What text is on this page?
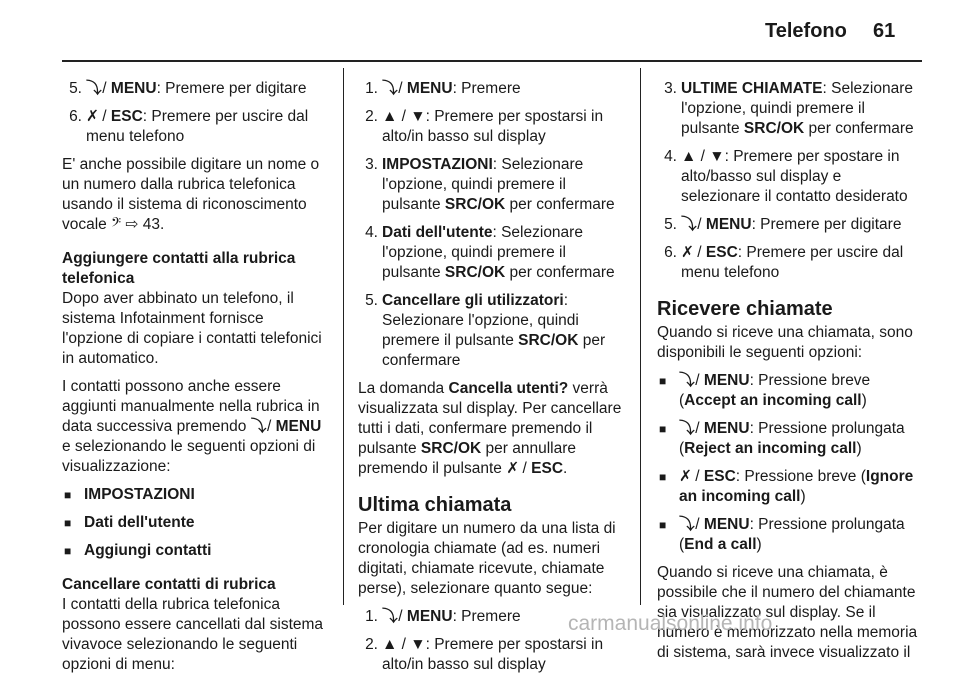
Telefono 61
5. ⤵ / MENU: Premere per digitare
6. ✗ / ESC: Premere per uscire dal menu telefono

E' anche possibile digitare un nome o un numero dalla rubrica telefonica usando il sistema di riconoscimento vocale 𝄢 ⇨ 43.

Aggiungere contatti alla rubrica telefonica

Dopo aver abbinato un telefono, il sistema Infotainment fornisce l'opzione di copiare i contatti telefonici in automatico.

I contatti possono anche essere aggiunti manualmente nella rubrica in data successiva premendo ⤵ / MENU e selezionando le seguenti opzioni di visualizzazione:

■ IMPOSTAZIONI
■ Dati dell'utente
■ Aggiungi contatti

Cancellare contatti di rubrica

I contatti della rubrica telefonica possono essere cancellati dal sistema vivavoce selezionando le seguenti opzioni di menu:

1. ⤵ / MENU: Premere
2. ▲ / ▼: Premere per spostarsi in alto/in basso sul display
3. IMPOSTAZIONI: Selezionare l'opzione, quindi premere il pulsante SRC/OK per confermare
4. Dati dell'utente: Selezionare l'opzione, quindi premere il pulsante SRC/OK per confermare
5. Cancellare gli utilizzatori: Selezionare l'opzione, quindi premere il pulsante SRC/OK per confermare

La domanda Cancella utenti? verrà visualizzata sul display. Per cancellare tutti i dati, confermare premendo il pulsante SRC/OK per annullare premendo il pulsante ✗ / ESC.

Ultima chiamata

Per digitare un numero da una lista di cronologia chiamate (ad es. numeri digitati, chiamate ricevute, chiamate perse), selezionare quanto segue:

1. ⤵ / MENU: Premere
2. ▲ / ▼: Premere per spostarsi in alto/in basso sul display
3. ULTIME CHIAMATE: Selezionare l'opzione, quindi premere il pulsante SRC/OK per confermare
4. ▲ / ▼: Premere per spostare in alto/basso sul display e selezionare il contatto desiderato
5. ⤵ / MENU: Premere per digitare
6. ✗ / ESC: Premere per uscire dal menu telefono
Ricevere chiamate

Quando si riceve una chiamata, sono disponibili le seguenti opzioni:

■ ⤵ / MENU: Pressione breve (Accept an incoming call)
■ ⤵ / MENU: Pressione prolungata (Reject an incoming call)
■ ✗ / ESC: Pressione breve (Ignore an incoming call)
■ ⤵ / MENU: Pressione prolungata (End a call)

Quando si riceve una chiamata, è possibile che il numero del chiamante sia visualizzato sul display. Se il numero è memorizzato nella memoria di sistema, sarà invece visualizzato il

carmanualsonline.info
